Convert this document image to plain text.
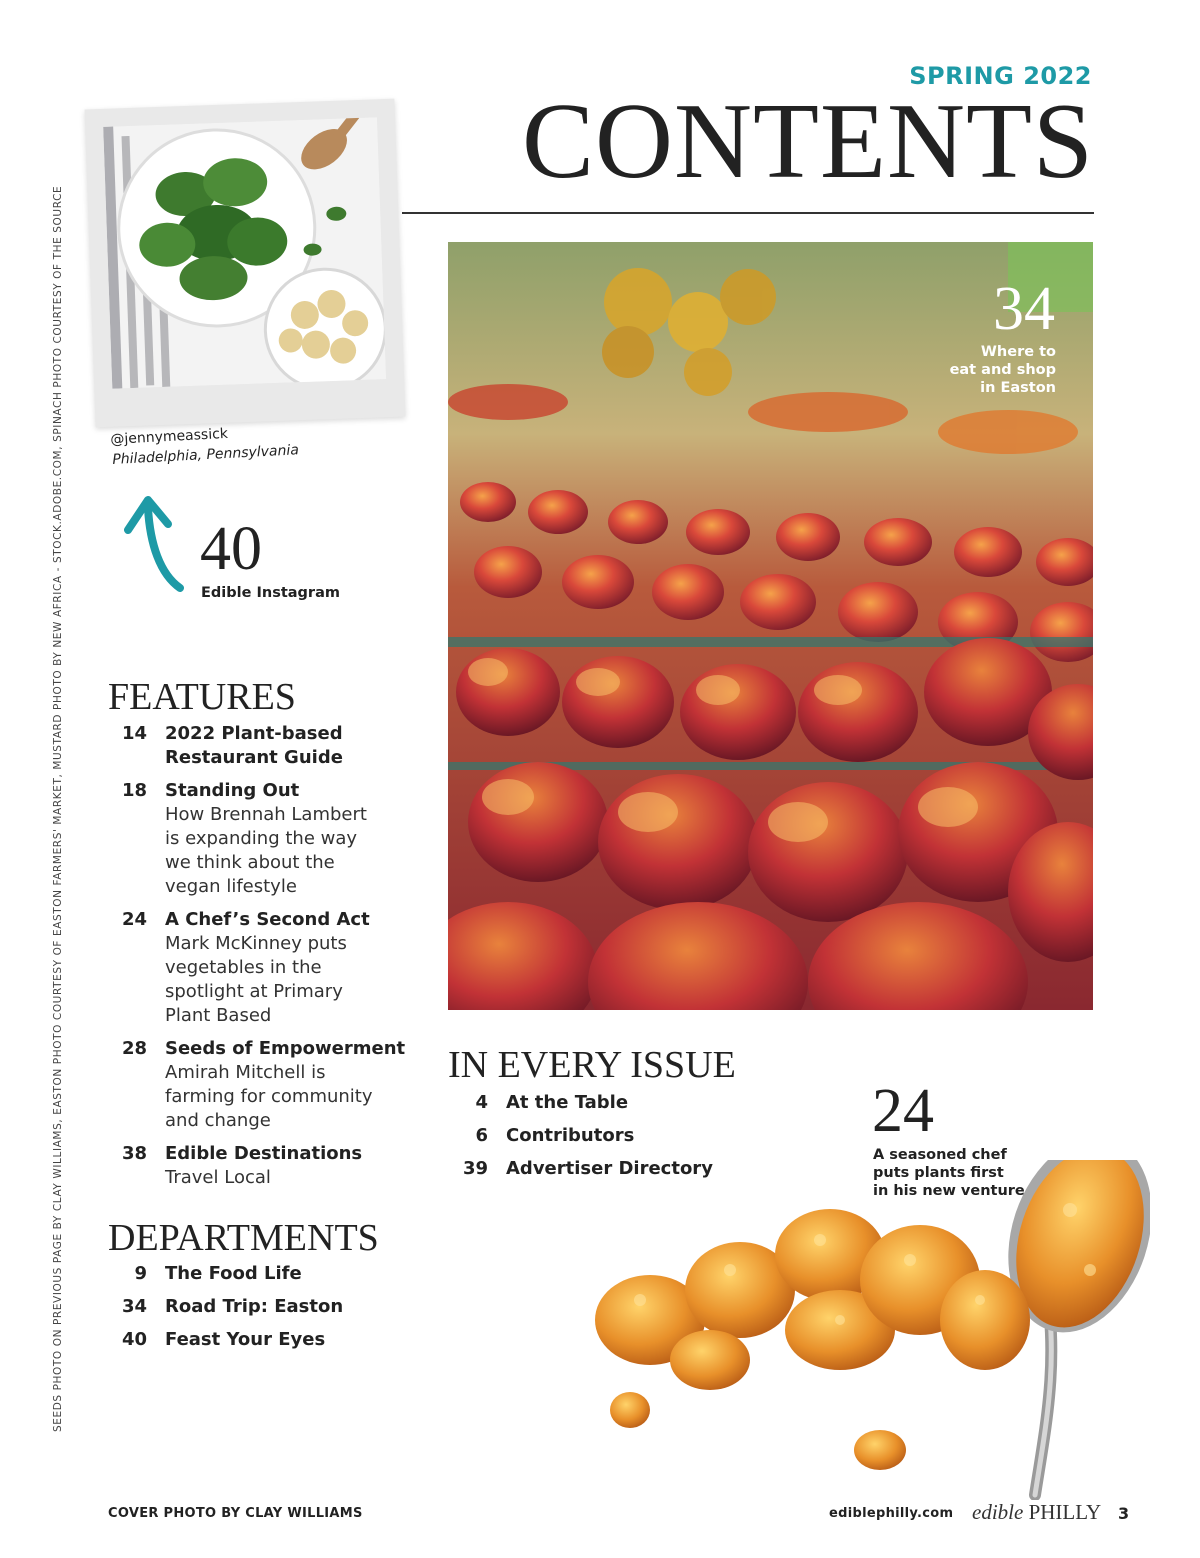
SPRING 2022
CONTENTS
SEEDS PHOTO ON PREVIOUS PAGE BY CLAY WILLIAMS, EASTON PHOTO COURTESY OF EASTON FARMERS' MARKET, MUSTARD PHOTO BY NEW AFRICA - STOCK.ADOBE.COM, SPINACH PHOTO COURTESY OF THE SOURCE	@jennymeassick
Philadelphia, Pennsylvania
40
Edible Instagram
FEATURES
14 2022 Plant-based
Restaurant Guide
18 Standing Out
How Brennah Lambert
is expanding the way
we think about the
vegan lifestyle
24 A Chef’s Second Act
Mark McKinney puts
vegetables in the
spotlight at Primary
Plant Based
28 Seeds of Empowerment
Amirah Mitchell is
farming for community
and change
38 Edible Destinations
Travel Local
DEPARTMENTS
9 The Food Life
34 Road Trip: Easton
40 Feast Your Eyes
34
Where to
eat and shop
in Easton
IN EVERY ISSUE
4 At the Table
6 Contributors
39 Advertiser Directory
24
A seasoned chef
puts plants first
in his new venture
COVER PHOTO BY CLAY WILLIAMS	ediblephilly.com edible PHILLY 3
